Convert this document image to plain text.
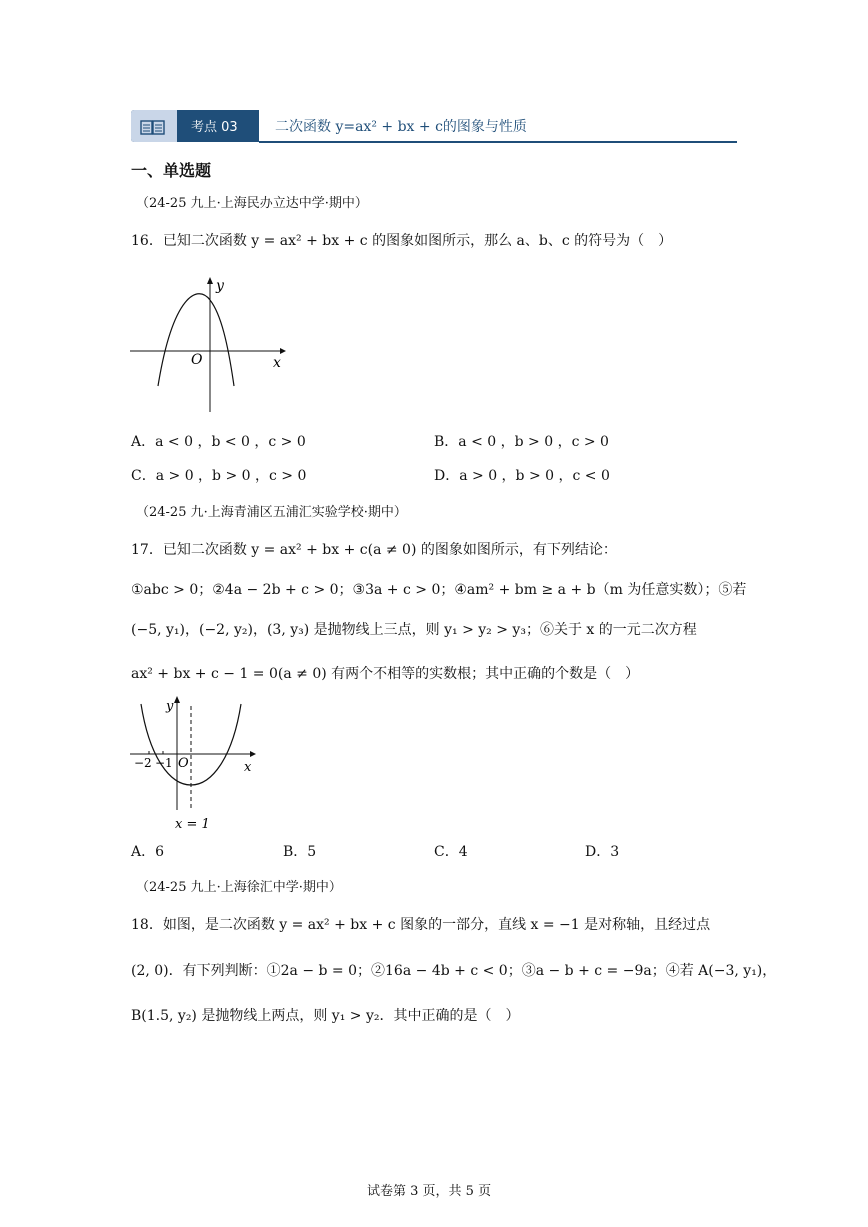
考点 03	二次函数 y=ax² + bx + c的图象与性质
一、单选题
（24-25 九上·上海民办立达中学·期中）
16．已知二次函数 y = ax² + bx + c 的图象如图所示，那么 a、b、c 的符号为（　）
y
x
O
A．a < 0 ，b < 0 ，c > 0	B．a < 0 ，b > 0 ，c > 0
C．a > 0 ，b > 0 ，c > 0	D．a > 0 ，b > 0 ，c < 0
（24-25 九·上海青浦区五浦汇实验学校·期中）
17．已知二次函数 y = ax² + bx + c(a ≠ 0) 的图象如图所示，有下列结论：
①abc > 0；②4a − 2b + c > 0；③3a + c > 0；④am² + bm ≥ a + b（m 为任意实数）；⑤若
(−5, y₁)，(−2, y₂)，(3, y₃) 是抛物线上三点，则 y₁ > y₂ > y₃；⑥关于 x 的一元二次方程
ax² + bx + c − 1 = 0(a ≠ 0) 有两个不相等的实数根；其中正确的个数是（　）
y
x
O
−2 −1
x = 1
A．6	B．5	C．4	D．3
（24-25 九上·上海徐汇中学·期中）
18．如图，是二次函数 y = ax² + bx + c 图象的一部分，直线 x = −1 是对称轴，且经过点
(2, 0)．有下列判断：①2a − b = 0；②16a − 4b + c < 0；③a − b + c = −9a；④若 A(−3, y₁)，
B(1.5, y₂) 是抛物线上两点，则 y₁ > y₂．其中正确的是（　）
试卷第 3 页，共 5 页
